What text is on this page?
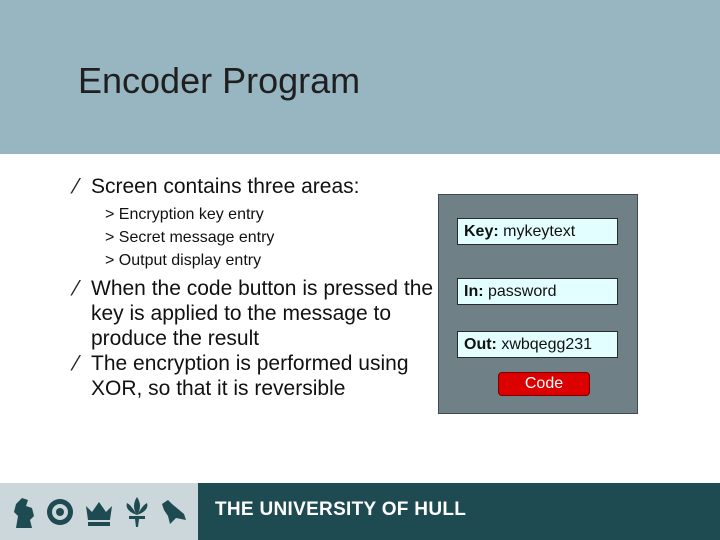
Encoder Program
⁄ Screen contains three areas:
> Encryption key entry
> Secret message entry
> Output display entry
⁄ When the code button is pressed the key is applied to the message to produce the result
⁄ The encryption is performed using XOR, so that it is reversible
Key: mykeytext
In: password
Out: xwbqegg231
Code
THE UNIVERSITY OF HULL
